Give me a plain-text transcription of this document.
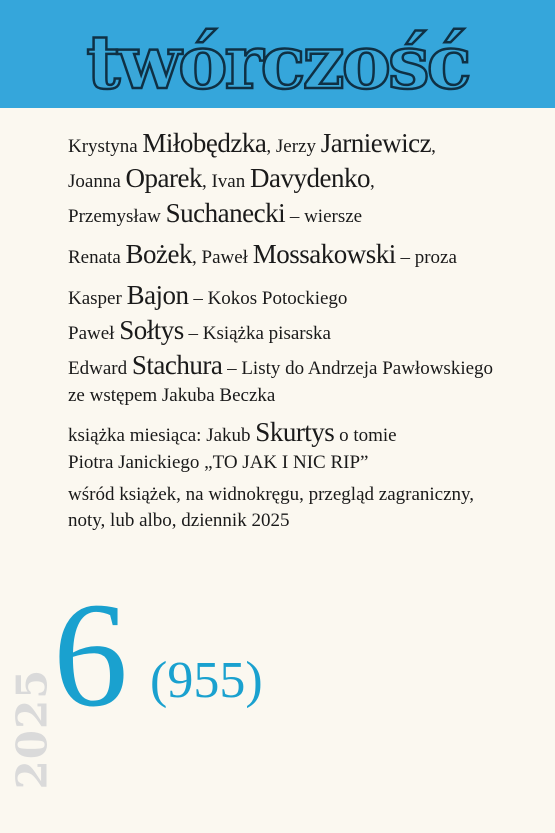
twórczość
Krystyna Miłobędzka, Jerzy Jarniewicz,
Joanna Oparek, Ivan Davydenko,
Przemysław Suchanecki – wiersze
Renata Bożek, Paweł Mossakowski – proza
Kasper Bajon – Kokos Potockiego
Paweł Sołtys – Książka pisarska
Edward Stachura – Listy do Andrzeja Pawłowskiego
ze wstępem Jakuba Beczka
książka miesiąca: Jakub Skurtys o tomie
Piotra Janickiego „TO JAK I NIC RIP”
wśród książek, na widnokręgu, przegląd zagraniczny,
noty, lub albo, dziennik 2025
2025
6 (955)
